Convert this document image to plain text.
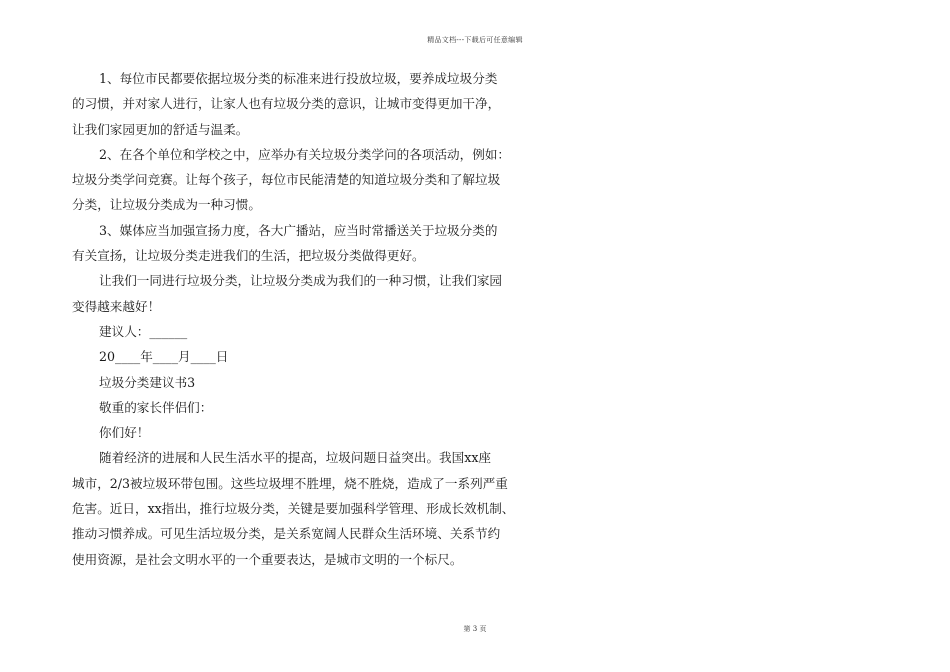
精品文档---下载后可任意编辑
1、每位市民都要依据垃圾分类的标准来进行投放垃圾，要养成垃圾分类
的习惯，并对家人进行，让家人也有垃圾分类的意识，让城市变得更加干净，
让我们家园更加的舒适与温柔。
2、在各个单位和学校之中，应举办有关垃圾分类学问的各项活动，例如：
垃圾分类学问竞赛。让每个孩子，每位市民能清楚的知道垃圾分类和了解垃圾
分类，让垃圾分类成为一种习惯。
3、媒体应当加强宣扬力度，各大广播站，应当时常播送关于垃圾分类的
有关宣扬，让垃圾分类走进我们的生活，把垃圾分类做得更好。
让我们一同进行垃圾分类，让垃圾分类成为我们的一种习惯，让我们家园
变得越来越好！
建议人：______
20____年____月____日
垃圾分类建议书3
敬重的家长伴侣们：
你们好！
随着经济的进展和人民生活水平的提高，垃圾问题日益突出。我国xx座
城市，2/3被垃圾环带包围。这些垃圾埋不胜埋，烧不胜烧，造成了一系列严重
危害。近日，xx指出，推行垃圾分类，关键是要加强科学管理、形成长效机制、
推动习惯养成。可见生活垃圾分类，是关系宽阔人民群众生活环境、关系节约
使用资源，是社会文明水平的一个重要表达，是城市文明的一个标尺。
第 3 页
